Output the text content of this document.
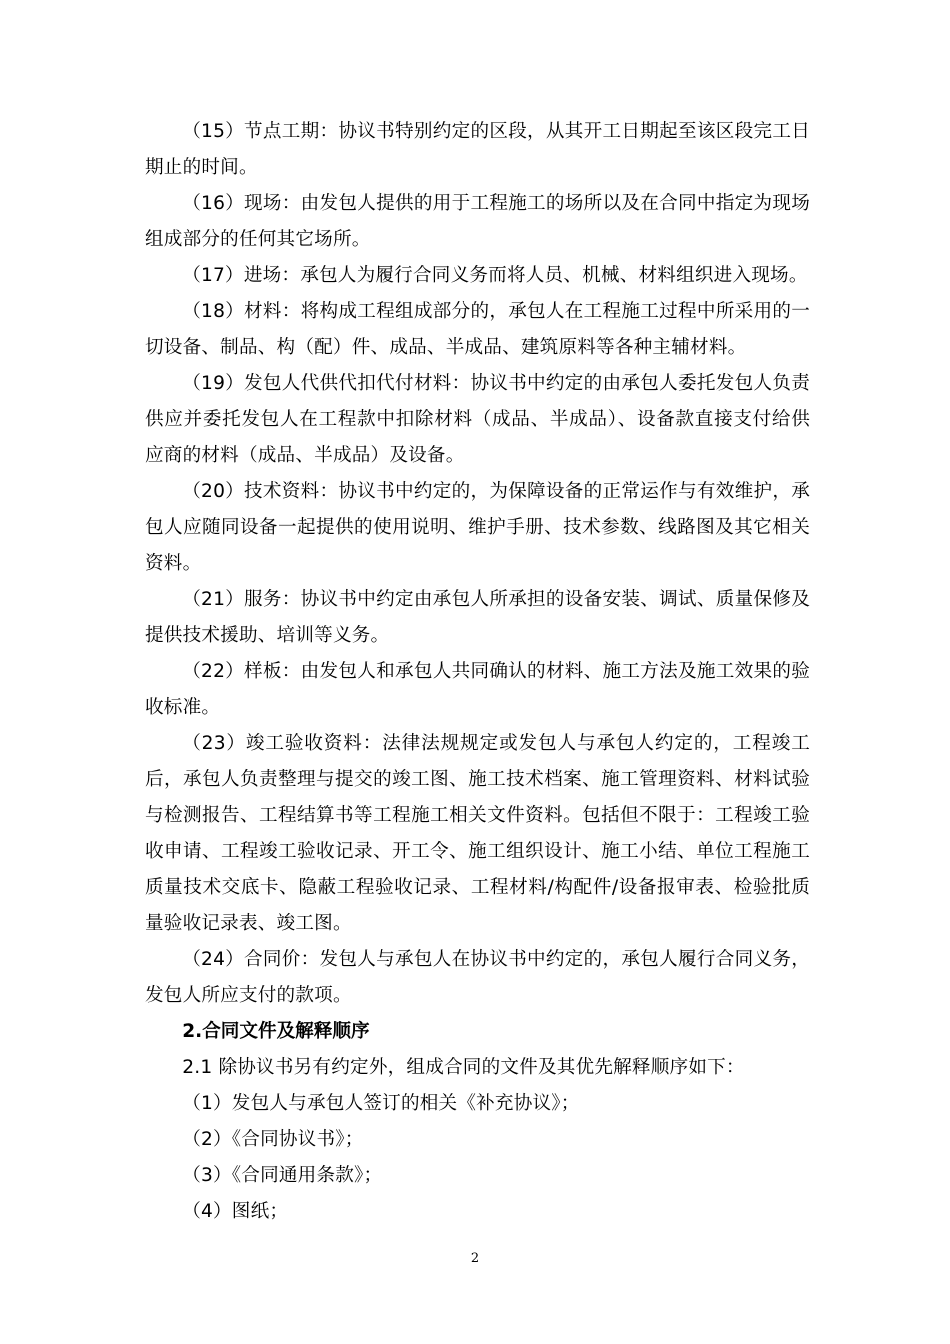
（15）节点工期：协议书特别约定的区段，从其开工日期起至该区段完工日期止的时间。

（16）现场：由发包人提供的用于工程施工的场所以及在合同中指定为现场组成部分的任何其它场所。

（17）进场：承包人为履行合同义务而将人员、机械、材料组织进入现场。

（18）材料：将构成工程组成部分的，承包人在工程施工过程中所采用的一切设备、制品、构（配）件、成品、半成品、建筑原料等各种主辅材料。

（19）发包人代供代扣代付材料：协议书中约定的由承包人委托发包人负责供应并委托发包人在工程款中扣除材料（成品、半成品）、设备款直接支付给供应商的材料（成品、半成品）及设备。

（20）技术资料：协议书中约定的，为保障设备的正常运作与有效维护，承包人应随同设备一起提供的使用说明、维护手册、技术参数、线路图及其它相关资料。

（21）服务：协议书中约定由承包人所承担的设备安装、调试、质量保修及提供技术援助、培训等义务。

（22）样板：由发包人和承包人共同确认的材料、施工方法及施工效果的验收标准。

（23）竣工验收资料：法律法规规定或发包人与承包人约定的，工程竣工后，承包人负责整理与提交的竣工图、施工技术档案、施工管理资料、材料试验与检测报告、工程结算书等工程施工相关文件资料。包括但不限于：工程竣工验收申请、工程竣工验收记录、开工令、施工组织设计、施工小结、单位工程施工质量技术交底卡、隐蔽工程验收记录、工程材料/构配件/设备报审表、检验批质量验收记录表、竣工图。

（24）合同价：发包人与承包人在协议书中约定的，承包人履行合同义务，发包人所应支付的款项。

2.合同文件及解释顺序

2.1 除协议书另有约定外，组成合同的文件及其优先解释顺序如下：

（1）发包人与承包人签订的相关《补充协议》；

（2）《合同协议书》；

（3）《合同通用条款》；

（4）图纸；

2
